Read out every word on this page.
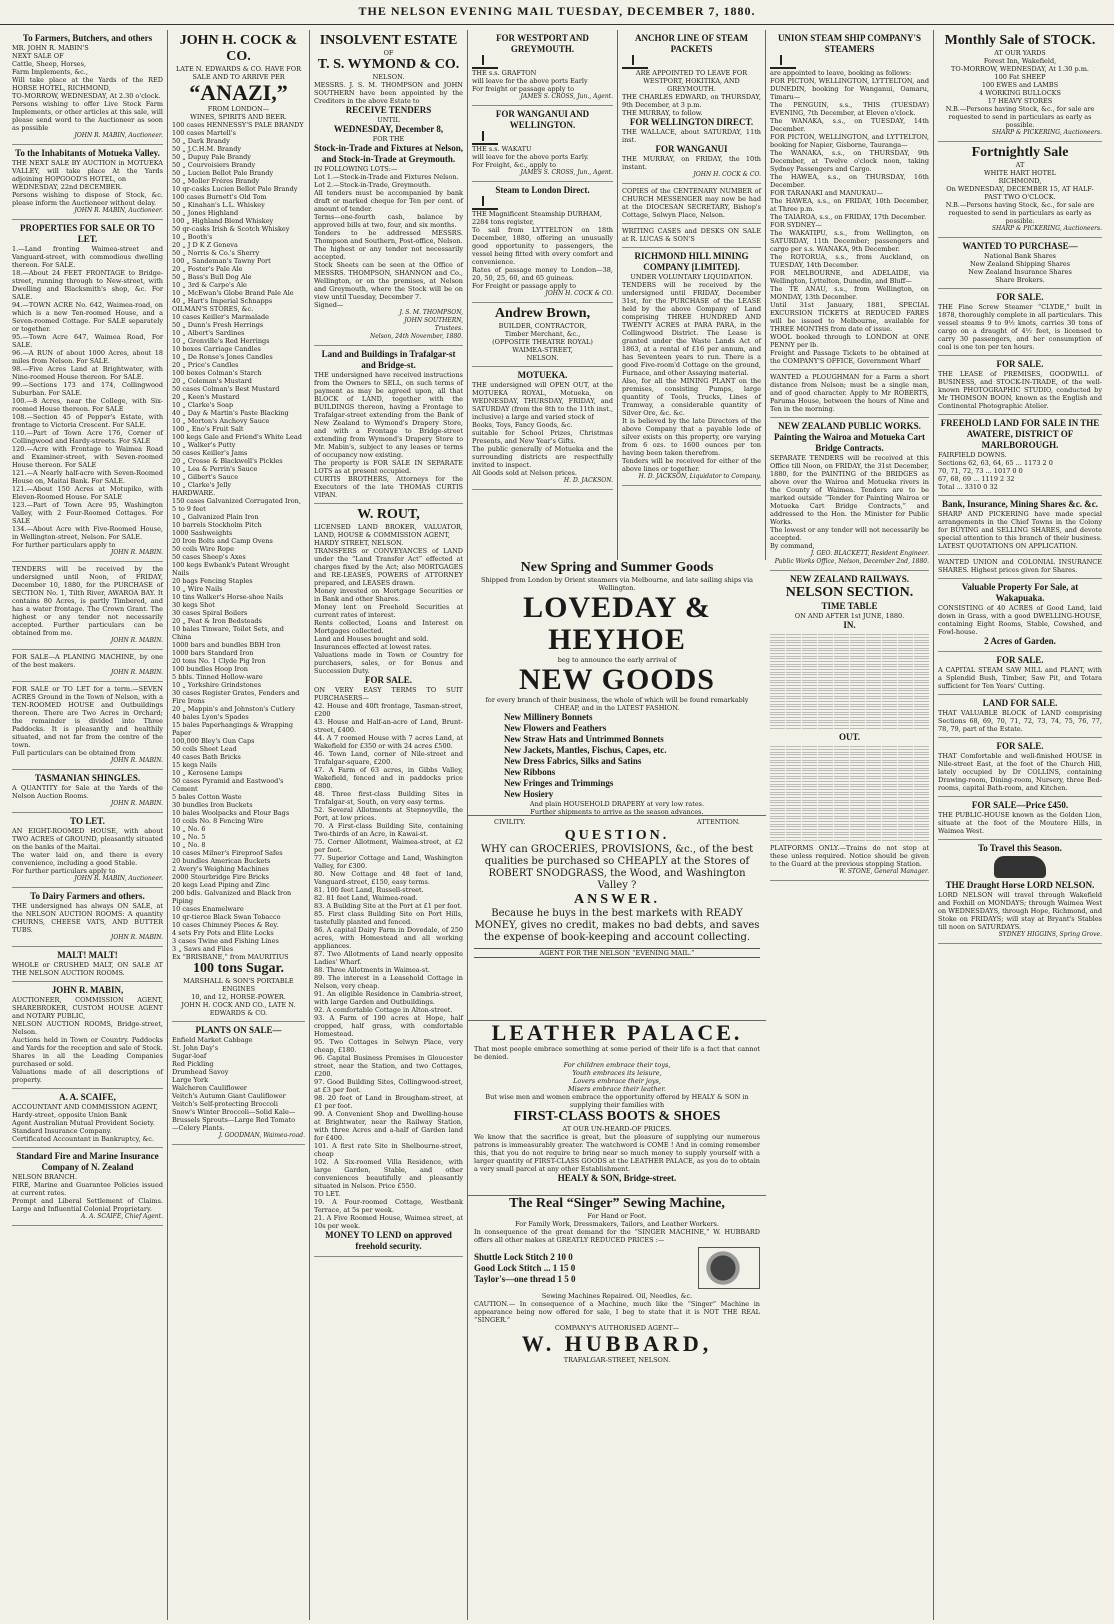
THE NELSON EVENING MAIL TUESDAY, DECEMBER 7, 1880.
To Farmers, Butchers, and others
MR. JOHN R. MABIN'S
NEXT SALE OF
Cattle, Sheep, Horses,
Farm Implements, &c.,
Will take place at the Yards of the RED HORSE HOTEL, RICHMOND,
TO-MORROW, WEDNESDAY, At 2.30 o'clock.
Persons wishing to offer Live Stock Farm Implements, or other articles at this sale, will please send word to the Auctioneer as soon as possible
JOHN R. MABIN, Auctioneer.
To the Inhabitants of Motueka Valley.
THE NEXT SALE BY AUCTION in MOTUEKA VALLEY, will take place At the Yards adjoining HOPGOOD'S HOTEL, on
WEDNESDAY, 22nd DECEMBER.
Persons wishing to dispose of Stock, &c. please inform the Auctioneer without delay.
JOHN R. MABIN, Auctioneer.
PROPERTIES FOR SALE OR TO LET.
1.—Land fronting Waimea-street and Vanguard-street, with commodious dwelling thereon. For SALE.
18.—About 24 FEET FRONTAGE to Bridge-street, running through to New-street, with Dwelling and Blacksmith's shop, &c. For SALE.
94.—TOWN ACRE No. 642, Waimea-road, on which is a new Ten-roomed House, and a Seven-roomed Cottage. For SALE separately or together.
95.—Town Acre 647, Waimea Road, For SALE.
96.—A RUN of about 1000 Acres, about 18 miles from Nelson. For SALE.
98.—Five Acres Land at Brightwater, with Nine-roomed House thereon. For SALE.
99.—Sections 173 and 174, Collingwood Suburban. For SALE.
100.—8 Acres, near the College, with Six-roomed House thereon. For SALE
108.—Section 45 of Pepper's Estate, with frontage to Victoria Crescent. For SALE.
110.—Part of Town Acre 176, Corner of Collingwood and Hardy-streets. For SALE
120.—Acre with Frontage to Waimea Road and Examiner-street, with Seven-roomed House thereon. For SALE
121.—A Nearly half-acre with Seven-Roomed House on, Maitai Bank. For SALE.
121.—About 150 Acres at Motupiko, with Eleven-Roomed House. For SALE
123.—Part of Town Acre 95, Washington Valley, with 2 Four-Roomed Cottages. For SALE
134.—About Acre with Five-Roomed House, in Wellington-street, Nelson. For SALE.
For further particulars apply to
JOHN R. MABIN.
TENDERS will be received by the undersigned until Noon, of FRIDAY, December 10, 1880, for the PURCHASE of SECTION No. 1, Tilth River, AWAROA BAY. It contains 80 Acres, is partly Timbered, and has a water frontage. The Crown Grant. The highest or any tender not necessarily accepted. Further particulars can be obtained from me.
JOHN R. MABIN.
FOR SALE—A PLANING MACHINE, by one of the best makers.
JOHN R. MABIN.
FOR SALE or TO LET for a term.—SEVEN ACRES Ground in the Town of Nelson, with a TEN-ROOMED HOUSE and Outbuildings thereon. There are Two Acres in Orchard; the remainder is divided into Three Paddocks. It is pleasantly and healthily situated, and not far from the centre of the town.
Full particulars can be obtained from
JOHN R. MABIN.
TASMANIAN SHINGLES.
A QUANTITY for Sale at the Yards of the Nelson Auction Rooms.
JOHN R. MABIN.
TO LET.
AN EIGHT-ROOMED HOUSE, with about TWO ACRES of GROUND, pleasantly situated on the banks of the Maitai.
The water laid on, and there is every convenience, including a good Stable.
For further particulars apply to
JOHN R. MABIN, Auctioneer.
To Dairy Farmers and others.
THE undersigned has always ON SALE, at the NELSON AUCTION ROOMS: A quantity CHURNS, CHEESE VATS, AND BUTTER TUBS.
JOHN R. MABIN.
MALT! MALT!
WHOLE or CRUSHED MALT, ON SALE AT THE NELSON AUCTION ROOMS.
JOHN R. MABIN,
AUCTIONEER, COMMISSION AGENT, SHAREBROKER, CUSTOM HOUSE AGENT and NOTARY PUBLIC,
NELSON AUCTION ROOMS, Bridge-street, Nelson.
Auctions held in Town or Country. Paddocks and Yards for the reception and sale of Stock.
Shares in all the Leading Companies purchased or sold.
Valuations made of all descriptions of property.
A. A. SCAIFE,
ACCOUNTANT AND COMMISSION AGENT,
Hardy-street, opposite Union Bank
Agent Australian Mutual Provident Society.
Standard Insurance Company.
Certificated Accountant in Bankruptcy, &c.
Standard Fire and Marine Insurance Company of N. Zealand
NELSON BRANCH.
FIRE, Marine and Guarantee Policies issued at current rates.
Prompt and Liberal Settlement of Claims. Large and Influential Colonial Proprietary.
A. A. SCAIFE, Chief Agent.
JOHN H. COCK & CO.
LATE N. EDWARDS & CO. HAVE FOR SALE AND TO ARRIVE PER
“ANAZI,”
FROM LONDON—
WINES, SPIRITS AND BEER.
100 cases HENNESSY'S PALE BRANDY
100 cases Martell's
50 „ Dark Brandy
50 „ J.C.H.M. Brandy
50 „ Dupuy Pale Brandy
50 „ Courvoisiers Brandy
50 „ Lucien Bellot Pale Brandy
50 „ Moller Fréres Brandy
10 qr-casks Lucien Bellot Pale Brandy
100 cases Burnett's Old Tom
50 „ Kinahan's L.L. Whiskey
50 „ Jones Highland
100 „ Highland Blend Whiskey
50 qr-casks Irish & Scotch Whiskey
10 „ Booth's
20 „ J D K Z Geneva
50 „ Norris & Co.'s Sherry
100 „ Sandeman's Tawny Port
20 „ Foster's Pale Ale
50 „ Bass's Bull Dog Ale
10 „ 3rd & Carpe's Ale
10 „ McEwan's Globe Brand Pale Ale
40 „ Hart's Imperial Schnapps
OILMAN'S STORES, &c.
10 cases Keiller's Marmalade
50 „ Dunn's Fresh Herrings
10 „ Albert's Sardines
10 „ Grenville's Red Herrings
10 boxes Carriage Candles
10 „ De Ronse's Jones Candles
20 „ Price's Candles
100 boxes Colman's Starch
20 „ Coleman's Mustard
50 cases Colman's Best Mustard
20 „ Keen's Mustard
10 „ Clarke's Soap
40 „ Day & Martin's Paste Blacking
10 „ Morton's Anchovy Sauce
100 „ Eno's Fruit Salt
100 kegs Gale and Friend's White Lead
10 „ Walker's Putty
50 cases Keiller's Jams
20 „ Crosse & Blackwell's Pickles
10 „ Lea & Perrin's Sauce
10 „ Gilbert's Sauce
10 „ Clarke's Jelly
HARDWARE.
150 cases Galvanized Corrugated Iron, 5 to 9 feet
10 „ Galvanized Plain Iron
10 barrels Stockholm Pitch
1000 Sashweights
20 Iron Bolts and Camp Ovens
50 coils Wire Rope
50 cases Sheep's Axes
100 kegs Ewbank's Patent Wrought Nails
20 bags Fencing Staples
10 „ Wire Nails
10 tins Walker's Horse-shoe Nails
30 kegs Shot
30 cases Spiral Boilers
20 „ Peat & Iron Bedsteads
10 bales Tinware, Toilet Sets, and China
1000 bars and bundles BBH Iron
1000 bars Standard Iron
20 tons No. 1 Clyde Pig Iron
100 bundles Hoop Iron
5 bbls. Tinned Hollow-ware
10 „ Yorkshire Grindstones
30 cases Register Grates, Fenders and Fire Irons
20 „ Mappin's and Johnston's Cutlery
40 bales Lyon's Spades
15 bales Paperhangings & Wrapping Paper
100,000 Bley's Gun Caps
50 coils Sheet Lead
40 cases Bath Bricks
15 kegs Nails
10 „ Kerosene Lamps
50 cases Pyramid and Eastwood's Cement
5 bales Cotton Waste
30 bundles Iron Buckets
10 bales Woolpacks and Flour Bags
10 coils No. 8 Fencing Wire
10 „ No. 6
10 „ No. 5
10 „ No. 8
10 cases Milner's Fireproof Safes
20 bundles American Buckets
2 Avery's Weighing Machines
2000 Stourbridge Fire Bricks
20 kegs Lead Piping and Zinc
200 bdls. Galvanized and Black Iron Piping
10 cases Enamelware
10 qr-tierce Black Swan Tobacco
10 cases Chimney Pieces & Rey.
4 sets Fry Pots and Elite Locks
3 cases Twine and Fishing Lines
3 „ Saws and Files
Ex “BRISBANE,” from MAURITIUS
100 tons Sugar.
MARSHALL & SON'S PORTABLE ENGINES
10, and 12, HORSE-POWER.
JOHN H. COCK AND CO., LATE N. EDWARDS & CO.
PLANTS ON SALE—
Enfield Market Cabbage
St. John Day's
Sugar-loaf
Red Pickling
Drumhead Savoy
Large York
Walcheren Cauliflower
Veitch's Autumn Giant Cauliflower
Veitch's Self-protecting Broccoli
Snow's Winter Broccoli—Solid Kale—
Brussels Sprouts—Large Red Tomato
—Celery Plants.
J. GOODMAN, Waimea-road.
INSOLVENT ESTATE
OF
T. S. WYMOND & CO.
NELSON.
MESSRS. J. S. M. THOMPSON and JOHN SOUTHERN have been appointed by the Creditors in the above Estate to
RECEIVE TENDERS
UNTIL
WEDNESDAY, December 8,
FOR THE
Stock-in-Trade and Fixtures at Nelson, and Stock-in-Trade at Greymouth.
IN FOLLOWING LOTS:—
Lot 1.—Stock-in-Trade and Fixtures Nelson.
Lot 2.—Stock-in-Trade, Greymouth.
All tenders must be accompanied by bank draft or marked cheque for Ten per cent. of amount of tender.
Terms—one-fourth cash, balance by approved bills at two, four, and six months.
Tenders to be addressed MESSRS. Thompson and Southern, Post-office, Nelson.
The highest or any tender not necessarily accepted.
Stock Sheets can be seen at the Office of MESSRS. THOMPSON, SHANNON and Co., Wellington, or on the premises, at Nelson and Greymouth, where the Stock will be on view until Tuesday, December 7.
Signed—
J. S. M. THOMPSON,
JOHN SOUTHERN,
Trustees.
Nelson, 24th November, 1880.
Land and Buildings in Trafalgar-st and Bridge-st.
THE undersigned have received instructions from the Owners to SELL, on such terms of payment as may be agreed upon, all that BLOCK of LAND, together with the BUILDINGS thereon, having a Frontage to Trafalgar-street extending from the Bank of New Zealand to Wymond's Drapery Store, and with a Frontage to Bridge-street extending from Wymond's Drapery Store to Mr. Mabin's, subject to any leases or terms of occupancy now existing.
The property is FOR SALE IN SEPARATE LOTS as at present occupied.
CURTIS BROTHERS, Attorneys for the Executors of the late THOMAS CURTIS VIPAN.
W. ROUT,
LICENSED LAND BROKER, VALUATOR, LAND, HOUSE & COMMISSION AGENT,
HARDY STREET, NELSON.
TRANSFERS or CONVEYANCES of LAND under the “Land Transfer Act” effected at charges fixed by the Act; also MORTGAGES and RE-LEASES, POWERS of ATTORNEY prepared, and LEASES drawn.
Money invested on Mortgage Securities or in Bank and other Shares.
Money lent on Freehold Securities at current rates of interest.
Rents collected, Loans and Interest on Mortgages collected.
Land and Houses bought and sold.
Insurances effected at lowest rates.
Valuations made in Town or Country for purchasers, sales, or for Bonus and Succession Duty.
FOR SALE.
ON VERY EASY TERMS TO SUIT PURCHASERS—
42. House and 40ft frontage, Tasman-street, £200
43. House and Half-an-acre of Land, Brunt-street, £400.
44. A 7 roomed House with 7 acres Land, at Wakefield for £350 or with 24 acres £500.
46. Town Land, corner of Nile-street and Trafalgar-square, £200.
47. A Farm of 63 acres, in Gibbs Valley, Wakefield, fenced and in paddocks price £800.
48. Three first-class Building Sites in Trafalgar-st, South, on very easy terms.
52. Several Allotments at Stepneyville, the Port, at low prices.
70. A First-class Building Site, containing Two-thirds of an Acre, in Kawai-st.
75. Corner Allotment, Waimea-street, at £2 per foot.
77. Superior Cottage and Land, Washington Valley, for £300.
80. New Cottage and 48 feet of land, Vanguard-street, £150, easy terms.
81. 100 feet Land, Russell-street.
82. 81 feet Land, Waimea-road.
83. A Building Site at the Port at £1 per foot.
85. First class Building Site on Port Hills, tastefully planted and fenced.
86. A capital Dairy Farm in Dovedale, of 250 acres, with Homestead and all working appliances.
87. Two Allotments of Land nearly opposite Ladies' Wharf.
88. Three Allotments in Waimea-st.
89. The interest in a Leasehold Cottage in Nelson, very cheap.
91. An eligible Residence in Cambria-street, with large Garden and Outbuildings.
92. A comfortable Cottage in Alton-street.
93. A Farm of 190 acres at Hope, half cropped, half grass, with comfortable Homestead.
95. Two Cottages in Selwyn Place, very cheap, £180.
96. Capital Business Premises in Gloucester street, near the Station, and two Cottages, £200.
97. Good Building Sites, Collingwood-street, at £3 per foot.
98. 20 feet of Land in Brougham-street, at £1 per foot.
99. A Convenient Shop and Dwelling-house at Brightwater, near the Railway Station, with three Acres and a-half of Garden land for £400.
101. A first rate Site in Shelbourne-street, cheap
102. A Six-roomed Villa Residence, with large Garden, Stable, and other conveniences beautifully and pleasantly situated in Nelson. Price £550.
TO LET.
19. A Four-roomed Cottage, Westbank Terrace, at 5s per week.
21. A Five Roomed House, Waimea street, at 10s per week.
MONEY TO LEND on approved freehold security.
FOR WESTPORT AND GREYMOUTH.
THE s.s. GRAFTON
will leave for the above ports Early
For freight or passage apply to
JAMES S. CROSS, Jun., Agent.
FOR WANGANUI AND WELLINGTON.
THE s.s. WAKATU
will leave for the above ports Early.
For Freight, &c., apply to
JAMES S. CROSS, Jun., Agent.
Steam to London Direct.
THE Magnificent Steamship DURHAM,
2284 tons register,
To sail from LYTTELTON on 18th December, 1880, offering an unusually good opportunity to passengers, the vessel being fitted with every comfort and convenience.
Rates of passage money to London—38, 20, 50, 25, 60, and 65 guineas.
For Freight or passage apply to
JOHN H. COCK & CO.
Andrew Brown,
BUILDER, CONTRACTOR,
Timber Merchant, &c.,
(OPPOSITE THEATRE ROYAL)
WAIMEA-STREET,
NELSON.
MOTUEKA.
THE undersigned will OPEN OUT, at the MOTUEKA ROYAL, Motueka, on WEDNESDAY, THURSDAY, FRIDAY, and SATURDAY (from the 8th to the 11th inst., inclusive) a large and varied stock of
Books, Toys, Fancy Goods, &c.
suitable for School Prizes, Christmas Presents, and New Year's Gifts.
The public generally of Motueka and the surrounding districts are respectfully invited to inspect.
All Goods sold at Nelson prices.
H. D. JACKSON.
ANCHOR LINE OF STEAM PACKETS
ARE APPOINTED TO LEAVE FOR WESTPORT, HOKITIKA, AND GREYMOUTH.
THE CHARLES EDWARD, on THURSDAY, 9th December, at 3 p.m.
THE MURRAY, to follow.
FOR WELLINGTON DIRECT.
THE WALLACE, about SATURDAY, 11th inst.
FOR WANGANUI
THE MURRAY, on FRIDAY, the 10th instant.
JOHN H. COCK & CO.
COPIES of the CENTENARY NUMBER of CHURCH MESSENGER may now be had at the DIOCESAN SECRETARY, Bishop's Cottage, Selwyn Place, Nelson.
WRITING CASES and DESKS ON SALE at R. LUCAS & SON'S
RICHMOND HILL MINING COMPANY [LIMITED].
UNDER VOLUNTARY LIQUIDATION.
TENDERS will be received by the undersigned until FRIDAY, December 31st, for the PURCHASE of the LEASE held by the above Company of Land comprising THREE HUNDRED AND TWENTY ACRES at PARA PARA, in the Collingwood District. The Lease is granted under the Waste Lands Act of 1863, at a rental of £16 per annum, and has Seventeen years to run. There is a good Five-room'd Cottage on the ground, Furnace, and other Assaying material.
Also, for all the MINING PLANT on the premises, consisting Pumps, large quantity of Tools, Trucks, Lines of Tramway, a considerable quantity of Silver Ore, &c. &c.
It is believed by the late Directors of the above Company that a payable lode of silver exists on this property, ore varying from 6 ozs. to 1600 ounces per ton having been taken therefrom.
Tenders will be received for either of the above lines or together.
H. D. JACKSON, Liquidator to Company.
New Spring and Summer Goods
Shipped from London by Orient steamers via Melbourne, and late sailing ships via Wellington.
LOVEDAY & HEYHOE
beg to announce the early arrival of
NEW GOODS
for every branch of their business, the whole of which will be found remarkably CHEAP, and in the LATEST FASHION.
New Millinery Bonnets
New Flowers and Feathers
New Straw Hats and Untrimmed Bonnets
New Jackets, Mantles, Fischus, Capes, etc.
New Dress Fabrics, Silks and Satins
New Ribbons
New Fringes and Trimmings
New Hosiery
And plain HOUSEHOLD DRAPERY at very low rates.
Further shipments to arrive as the season advances.
CIVILITY.	ATTENTION.
QUESTION.
WHY can GROCERIES, PROVISIONS, &c., of the best qualities be purchased so CHEAPLY at the Stores of ROBERT SNODGRASS, the Wood, and Washington Valley ?
ANSWER.
Because he buys in the best markets with READY MONEY, gives no credit, makes no bad debts, and saves the expense of book-keeping and account collecting.
AGENT FOR THE NELSON “EVENING MAIL.”
LEATHER PALACE.
That most people embrace something at some period of their life is a fact that cannot be denied.
For children embrace their toys,
Youth embraces its leisure,
Lovers embrace their joys,
Misers embrace their leather.
But wise men and women embrace the opportunity offered by HEALY & SON in supplying their families with
FIRST-CLASS BOOTS & SHOES
AT OUR UN-HEARD-OF PRICES.
We know that the sacrifice is great, but the pleasure of supplying our numerous patrons is immeasurably greater. The watchword is COME ! And in coming remember this, that you do not require to bring near so much money to supply yourself with a larger quantity of FIRST-CLASS GOODS at the LEATHER PALACE, as you do to obtain a very small parcel at any other Establishment.
HEALY & SON, Bridge-street.
The Real “Singer” Sewing Machine,
For Hand or Foot.
For Family Work, Dressmakers, Tailors, and Leather Workers.
In consequence of the great demand for the “SINGER MACHINE,” W. HUBBARD offers all other makes at GREATLY REDUCED PRICES :—
Shuttle Lock Stitch 2 10 0
Good Lock Stitch ... 1 15 0
Taylor's—one thread 1 5 0
Sewing Machines Repaired. Oil, Needles, &c.
CAUTION.— In consequence of a Machine, much like the “Singer” Machine in appearance being now offered for sale, I beg to state that it is NOT THE REAL “SINGER.”
COMPANY'S AUTHORISED AGENT—
W. HUBBARD,
TRAFALGAR-STREET, NELSON.
UNION STEAM SHIP COMPANY'S STEAMERS
are appointed to leave, booking as follows:
FOR PICTON, WELLINGTON, LYTTELTON, and DUNEDIN, booking for Wanganui, Oamaru, Timaru—
The PENGUIN, s.s., THIS (TUESDAY) EVENING, 7th December, at Eleven o'clock.
The WANAKA, s.s., on TUESDAY, 14th December.
FOR PICTON, WELLINGTON, and LYTTELTON, booking for Napier, Gisborne, Tauranga—
The WANAKA, s.s., on THURSDAY, 9th December, at Twelve o'clock noon, taking Sydney Passengers and Cargo.
The HAWEA, s.s., on THURSDAY, 16th December.
FOR TARANAKI and MANUKAU—
The HAWEA, s.s., on FRIDAY, 10th December, at Three p.m.
The TAIAROA, s.s., on FRIDAY, 17th December.
FOR SYDNEY—
The WAKATIPU, s.s., from Wellington, on SATURDAY, 11th December; passengers and cargo per s.s. WANAKA, 9th December.
The ROTORUA, s.s., from Auckland, on TUESDAY, 14th December.
FOR MELBOURNE, and ADELAIDE, via Wellington, Lyttelton, Dunedin, and Bluff—
The TE ANAU, s.s., from Wellington, on MONDAY, 13th December.
Until 31st January, 1881, SPECIAL EXCURSION TICKETS at REDUCED FARES will be issued to Melbourne, available for THREE MONTHS from date of issue.
WOOL booked through to LONDON at ONE PENNY per lb.
Freight and Passage Tickets to be obtained at the COMPANY'S OFFICE, Government Wharf
WANTED a PLOUGHMAN for a Farm a short distance from Nelson; must be a single man, and of good character. Apply to Mr ROBERTS, Paruma House, between the hours of Nine and Ten in the morning.
NEW ZEALAND PUBLIC WORKS.
Painting the Wairoa and Motueka Cart Bridge Contracts.
SEPARATE TENDERS will be received at this Office till Noon, on FRIDAY, the 31st December, 1880, for the PAINTING of the BRIDGES as above over the Wairoa and Motueka rivers in the County of Waimea. Tenders are to be marked outside “Tender for Painting Wairoa or Motueka Cart Bridge Contracts,” and addressed to the Hon. the Minister for Public Works.
The lowest or any tender will not necessarily be accepted.
By command,
J. GEO. BLACKETT, Resident Engineer.
Public Works Office, Nelson, December 2nd, 1880.
NEW ZEALAND RAILWAYS.
NELSON SECTION.
TIME TABLE
ON AND AFTER 1st JUNE, 1880.
IN.
OUT.
PLATFORMS ONLY.—Trains do not stop at these unless required. Notice should be given to the Guard at the previous stopping Station.
W. STONE, General Manager.
Monthly Sale of STOCK.
AT OUR YARDS
Forest Inn, Wakefield,
TO-MORROW, WEDNESDAY, At 1.30 p.m.
100 Fat SHEEP
100 EWES and LAMBS
4 WORKING BULLOCKS
17 HEAVY STORES
N.B.—Persons having Stock, &c., for sale are requested to send in particulars as early as possible.
SHARP & PICKERING, Auctioneers.
Fortnightly Sale
AT
WHITE HART HOTEL
RICHMOND,
On WEDNESDAY, DECEMBER 15, AT HALF-PAST TWO O'CLOCK.
N.B.—Persons having Stock, &c., for sale are requested to send in particulars as early as possible.
SHARP & PICKERING, Auctioneers.
WANTED TO PURCHASE—
National Bank Shares
New Zealand Shipping Shares
New Zealand Insurance Shares
Share Brokers.
FOR SALE.
THE Fine Screw Steamer “CLYDE,” built in 1878, thoroughly complete in all particulars. This vessel steams 9 to 9½ knots, carries 30 tons of cargo on a draught of 4½ feet, is licensed to carry 30 passengers, and her consumption of coal is one ton per ten hours.
FOR SALE.
THE LEASE of PREMISES, GOODWILL of BUSINESS, and STOCK-IN-TRADE, of the well-known PHOTOGRAPHIC STUDIO, conducted by Mr THOMSON BOON, known as the English and Continental Photographic Atelier.
FREEHOLD LAND FOR SALE IN THE AWATERE, DISTRICT OF MARLBOROUGH.
FAIRFIELD DOWNS.
Sections 62, 63, 64, 65 ... 1173 2 0
70, 71, 72, 73 ... 1017 0 0
67, 68, 69 ... 1119 2 32
Total ... 3310 0 32
Bank, Insurance, Mining Shares &c. &c.
SHARP AND PICKERING have made special arrangements in the Chief Towns in the Colony for BUYING and SELLING SHARES, and devote special attention to this branch of their business. LATEST QUOTATIONS ON APPLICATION.
WANTED UNION and COLONIAL INSURANCE SHARES. Highest prices given for Shares.
Valuable Property For Sale, at Wakapuaka.
CONSISTING of 40 ACRES of Good Land, laid down in Grass, with a good DWELLING-HOUSE, containing Eight Rooms, Stable, Cowshed, and Fowl-house.
2 Acres of Garden.
FOR SALE.
A CAPITAL STEAM SAW MILL and PLANT, with a Splendid Bush, Timber, Saw Pit, and Totara sufficient for Ten Years' Cutting.
LAND FOR SALE.
THAT VALUABLE BLOCK of LAND comprising Sections 68, 69, 70, 71, 72, 73, 74, 75, 76, 77, 78, 79, part of the Estate.
FOR SALE.
THAT Comfortable and well-finished HOUSE in Nile-street East, at the foot of the Church Hill, lately occupied by Dr COLLINS, containing Drawing-room, Dining-room, Nursery, three Bed-rooms, capital Bath-room, and Kitchen.
FOR SALE—Price £450.
THE PUBLIC-HOUSE known as the Golden Lion, situate at the foot of the Moutere Hills, in Waimea West.
To Travel this Season.
THE Draught Horse LORD NELSON.
LORD NELSON will travel through Wakefield and Foxhill on MONDAYS; through Waimea West on WEDNESDAYS, through Hope, Richmond, and Stoke on FRIDAYS; will stay at Bryant's Stables till noon on SATURDAYS.
SYDNEY HIGGINS, Spring Grove.
